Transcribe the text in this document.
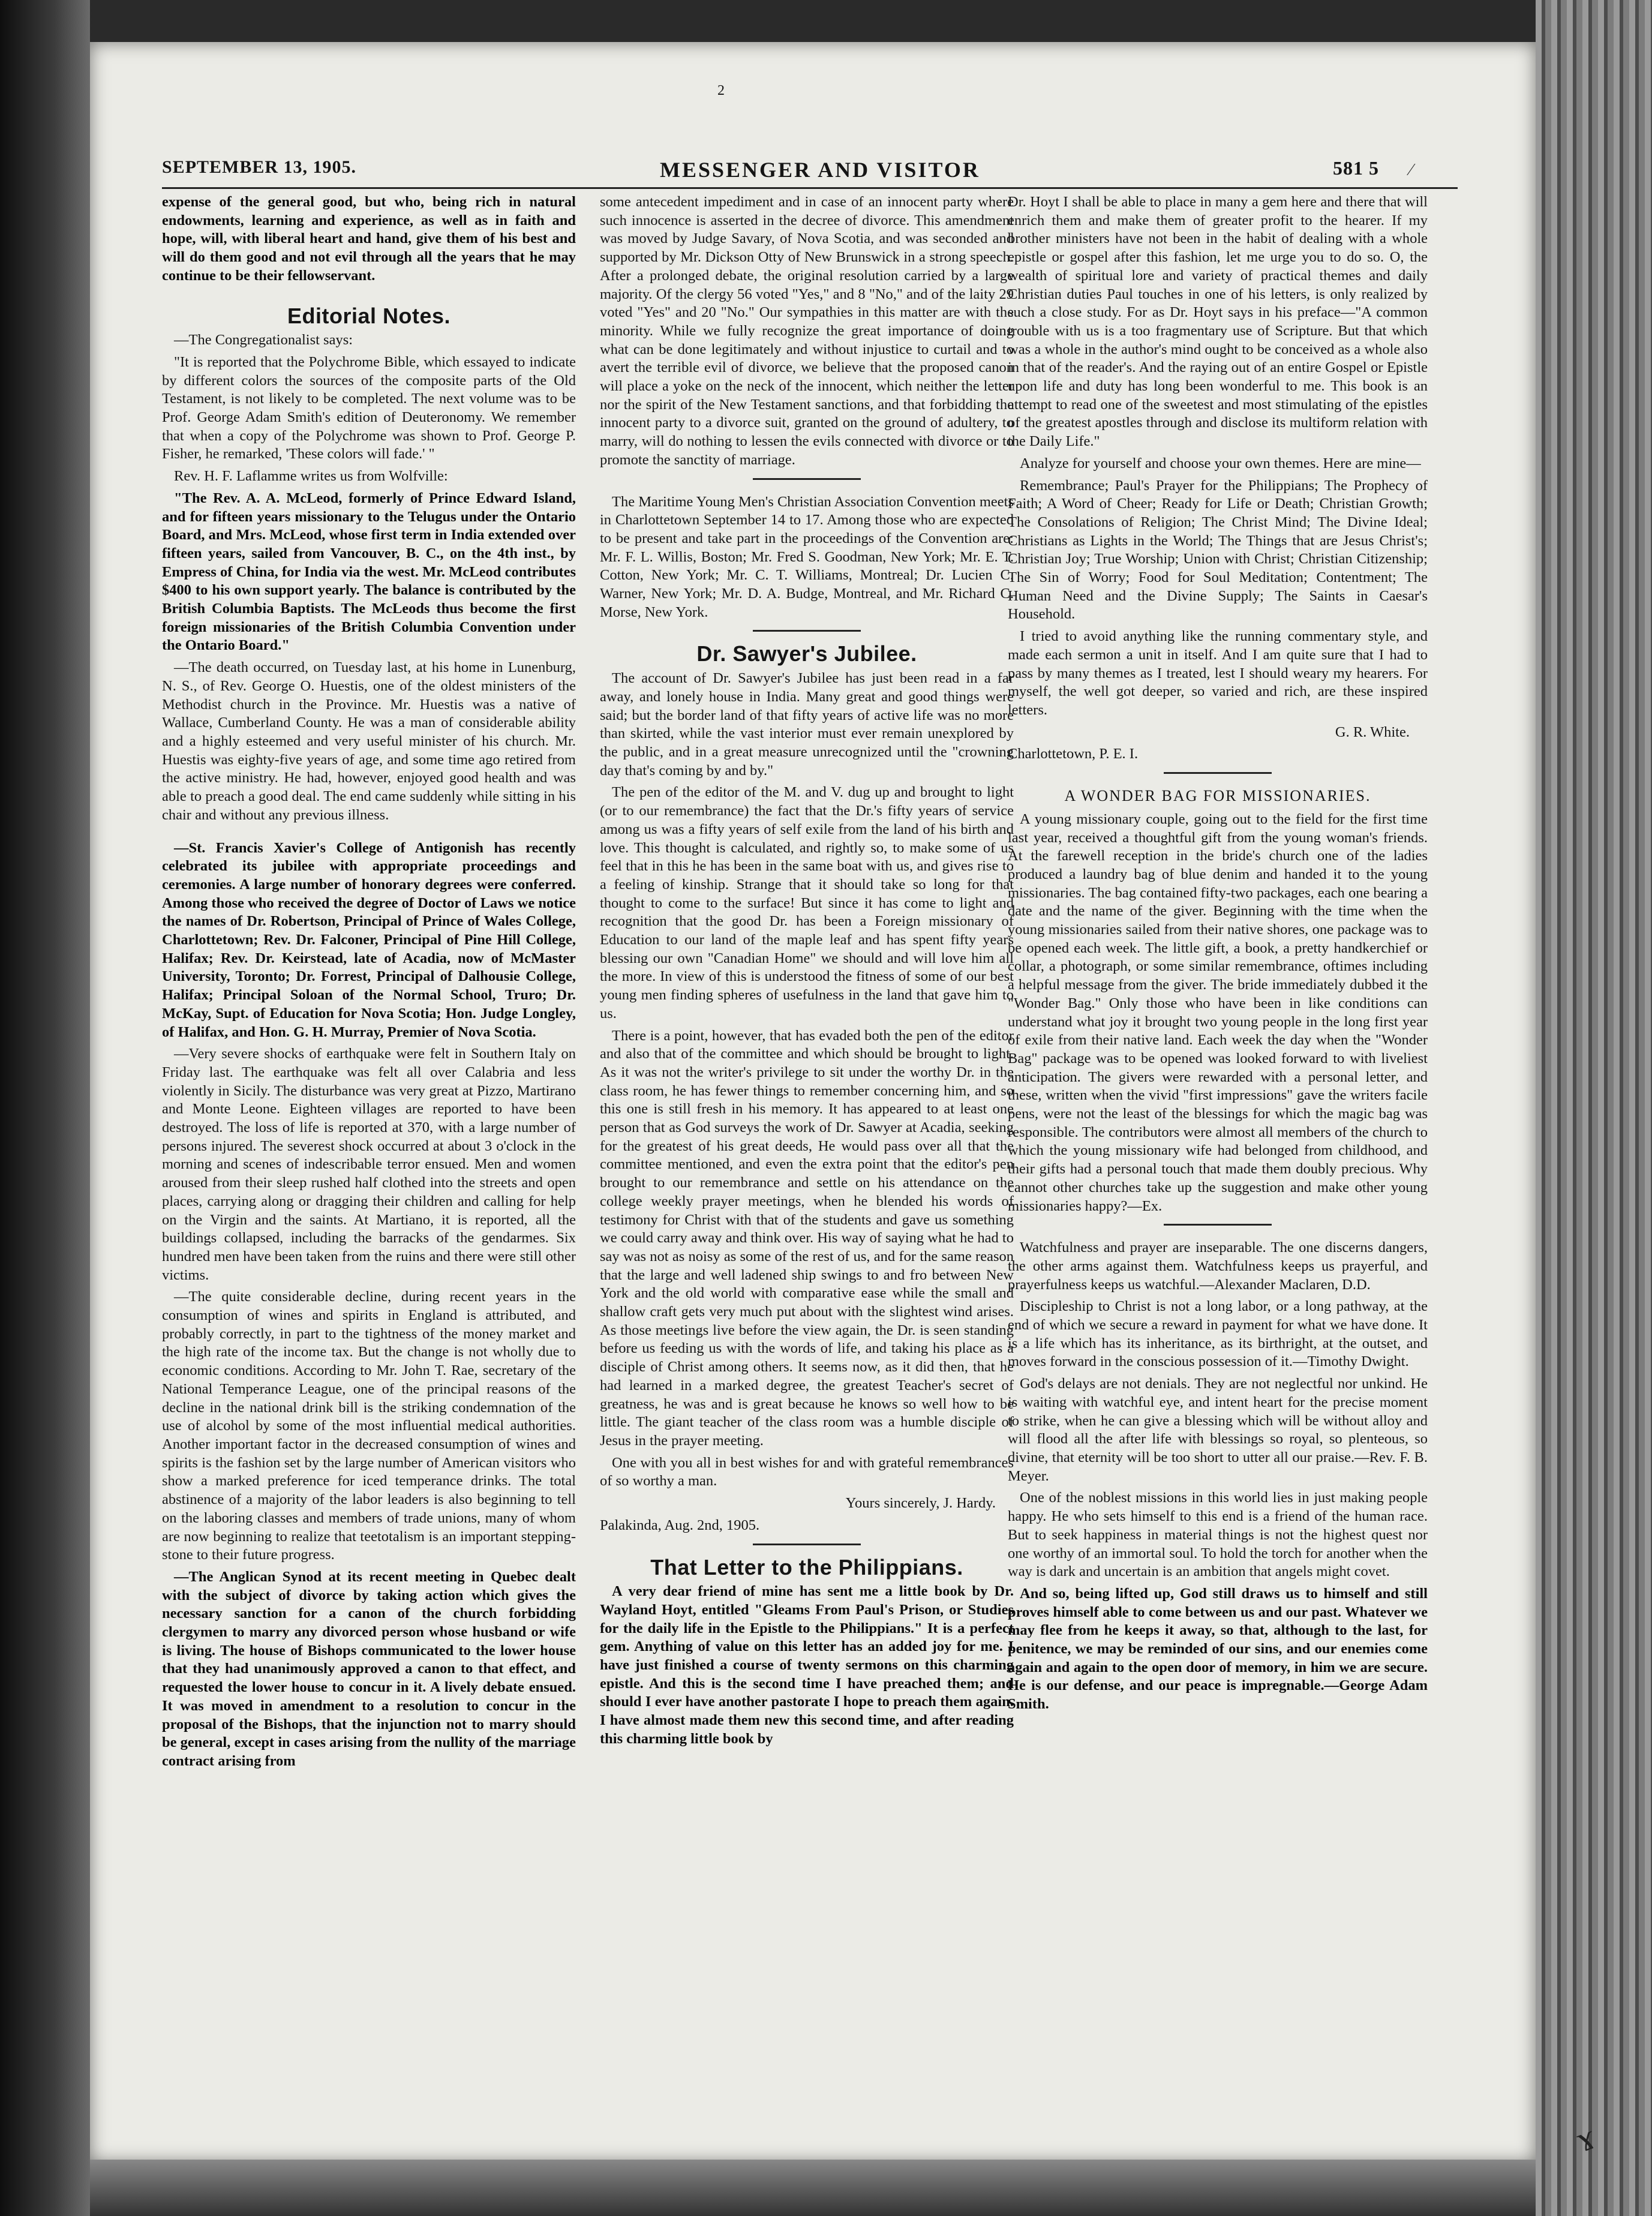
2
SEPTEMBER 13, 1905.	MESSENGER AND VISITOR	581 5 ⁄

expense of the general good, but who, being rich in natural endowments, learning and experience, as well as in faith and hope, will, with liberal heart and hand, give them of his best and will do them good and not evil through all the years that he may continue to be their fellowservant.

Editorial Notes.

—The Congregationalist says:

"It is reported that the Polychrome Bible, which essayed to indicate by different colors the sources of the composite parts of the Old Testament, is not likely to be completed. The next volume was to be Prof. George Adam Smith's edition of Deuteronomy. We remember that when a copy of the Polychrome was shown to Prof. George P. Fisher, he remarked, 'These colors will fade.' "

Rev. H. F. Laflamme writes us from Wolfville:

"The Rev. A. A. McLeod, formerly of Prince Edward Island, and for fifteen years missionary to the Telugus under the Ontario Board, and Mrs. McLeod, whose first term in India extended over fifteen years, sailed from Vancouver, B. C., on the 4th inst., by Empress of China, for India via the west. Mr. McLeod contributes $400 to his own support yearly. The balance is contributed by the British Columbia Baptists. The McLeods thus become the first foreign missionaries of the British Columbia Convention under the Ontario Board."

—The death occurred, on Tuesday last, at his home in Lunenburg, N. S., of Rev. George O. Huestis, one of the oldest ministers of the Methodist church in the Province. Mr. Huestis was a native of Wallace, Cumberland County. He was a man of considerable ability and a highly esteemed and very useful minister of his church. Mr. Huestis was eighty-five years of age, and some time ago retired from the active ministry. He had, however, enjoyed good health and was able to preach a good deal. The end came suddenly while sitting in his chair and without any previous illness.

—St. Francis Xavier's College of Antigonish has recently celebrated its jubilee with appropriate proceedings and ceremonies. A large number of honorary degrees were conferred. Among those who received the degree of Doctor of Laws we notice the names of Dr. Robertson, Principal of Prince of Wales College, Charlottetown; Rev. Dr. Falconer, Principal of Pine Hill College, Halifax; Rev. Dr. Keirstead, late of Acadia, now of McMaster University, Toronto; Dr. Forrest, Principal of Dalhousie College, Halifax; Principal Soloan of the Normal School, Truro; Dr. McKay, Supt. of Education for Nova Scotia; Hon. Judge Longley, of Halifax, and Hon. G. H. Murray, Premier of Nova Scotia.

—Very severe shocks of earthquake were felt in Southern Italy on Friday last. The earthquake was felt all over Calabria and less violently in Sicily. The disturbance was very great at Pizzo, Martirano and Monte Leone. Eighteen villages are reported to have been destroyed. The loss of life is reported at 370, with a large number of persons injured. The severest shock occurred at about 3 o'clock in the morning and scenes of indescribable terror ensued. Men and women aroused from their sleep rushed half clothed into the streets and open places, carrying along or dragging their children and calling for help on the Virgin and the saints. At Martiano, it is reported, all the buildings collapsed, including the barracks of the gendarmes. Six hundred men have been taken from the ruins and there were still other victims.

—The quite considerable decline, during recent years in the consumption of wines and spirits in England is attributed, and probably correctly, in part to the tightness of the money market and the high rate of the income tax. But the change is not wholly due to economic conditions. According to Mr. John T. Rae, secretary of the National Temperance League, one of the principal reasons of the decline in the national drink bill is the striking condemnation of the use of alcohol by some of the most influential medical authorities. Another important factor in the decreased consumption of wines and spirits is the fashion set by the large number of American visitors who show a marked preference for iced temperance drinks. The total abstinence of a majority of the labor leaders is also beginning to tell on the laboring classes and members of trade unions, many of whom are now beginning to realize that teetotalism is an important stepping-stone to their future progress.

—The Anglican Synod at its recent meeting in Quebec dealt with the subject of divorce by taking action which gives the necessary sanction for a canon of the church forbidding clergymen to marry any divorced person whose husband or wife is living. The house of Bishops communicated to the lower house that they had unanimously approved a canon to that effect, and requested the lower house to concur in it. A lively debate ensued. It was moved in amendment to a resolution to concur in the proposal of the Bishops, that the injunction not to marry should be general, except in cases arising from the nullity of the marriage contract arising from

some antecedent impediment and in case of an innocent party where such innocence is asserted in the decree of divorce. This amendment was moved by Judge Savary, of Nova Scotia, and was seconded and supported by Mr. Dickson Otty of New Brunswick in a strong speech. After a prolonged debate, the original resolution carried by a large majority. Of the clergy 56 voted "Yes," and 8 "No," and of the laity 29 voted "Yes" and 20 "No." Our sympathies in this matter are with the minority. While we fully recognize the great importance of doing what can be done legitimately and without injustice to curtail and to avert the terrible evil of divorce, we believe that the proposed canon will place a yoke on the neck of the innocent, which neither the letter nor the spirit of the New Testament sanctions, and that forbidding the innocent party to a divorce suit, granted on the ground of adultery, to marry, will do nothing to lessen the evils connected with divorce or to promote the sanctity of marriage.

The Maritime Young Men's Christian Association Convention meets in Charlottetown September 14 to 17. Among those who are expected to be present and take part in the proceedings of the Convention are: Mr. F. L. Willis, Boston; Mr. Fred S. Goodman, New York; Mr. E. T. Cotton, New York; Mr. C. T. Williams, Montreal; Dr. Lucien C. Warner, New York; Mr. D. A. Budge, Montreal, and Mr. Richard C. Morse, New York.

Dr. Sawyer's Jubilee.

The account of Dr. Sawyer's Jubilee has just been read in a far away, and lonely house in India. Many great and good things were said; but the border land of that fifty years of active life was no more than skirted, while the vast interior must ever remain unexplored by the public, and in a great measure unrecognized until the "crowning day that's coming by and by."

The pen of the editor of the M. and V. dug up and brought to light (or to our remembrance) the fact that the Dr.'s fifty years of service among us was a fifty years of self exile from the land of his birth and love. This thought is calculated, and rightly so, to make some of us feel that in this he has been in the same boat with us, and gives rise to a feeling of kinship. Strange that it should take so long for that thought to come to the surface! But since it has come to light and recognition that the good Dr. has been a Foreign missionary of Education to our land of the maple leaf and has spent fifty years blessing our own "Canadian Home" we should and will love him all the more. In view of this is understood the fitness of some of our best young men finding spheres of usefulness in the land that gave him to us.

There is a point, however, that has evaded both the pen of the editor and also that of the committee and which should be brought to light. As it was not the writer's privilege to sit under the worthy Dr. in the class room, he has fewer things to remember concerning him, and so this one is still fresh in his memory. It has appeared to at least one person that as God surveys the work of Dr. Sawyer at Acadia, seeking for the greatest of his great deeds, He would pass over all that the committee mentioned, and even the extra point that the editor's pen brought to our remembrance and settle on his attendance on the college weekly prayer meetings, when he blended his words of testimony for Christ with that of the students and gave us something we could carry away and think over. His way of saying what he had to say was not as noisy as some of the rest of us, and for the same reason that the large and well ladened ship swings to and fro between New York and the old world with comparative ease while the small and shallow craft gets very much put about with the slightest wind arises. As those meetings live before the view again, the Dr. is seen standing before us feeding us with the words of life, and taking his place as a disciple of Christ among others. It seems now, as it did then, that he had learned in a marked degree, the greatest Teacher's secret of greatness, he was and is great because he knows so well how to be little. The giant teacher of the class room was a humble disciple of Jesus in the prayer meeting.

One with you all in best wishes for and with grateful remembrances of so worthy a man.

Yours sincerely, J. Hardy.

Palakinda, Aug. 2nd, 1905.

That Letter to the Philippians.

A very dear friend of mine has sent me a little book by Dr. Wayland Hoyt, entitled "Gleams From Paul's Prison, or Studies for the daily life in the Epistle to the Philippians." It is a perfect gem. Anything of value on this letter has an added joy for me. I have just finished a course of twenty sermons on this charming epistle. And this is the second time I have preached them; and should I ever have another pastorate I hope to preach them again. I have almost made them new this second time, and after reading this charming little book by

Dr. Hoyt I shall be able to place in many a gem here and there that will enrich them and make them of greater profit to the hearer. If my brother ministers have not been in the habit of dealing with a whole epistle or gospel after this fashion, let me urge you to do so. O, the wealth of spiritual lore and variety of practical themes and daily Christian duties Paul touches in one of his letters, is only realized by such a close study. For as Dr. Hoyt says in his preface—"A common trouble with us is a too fragmentary use of Scripture. But that which was a whole in the author's mind ought to be conceived as a whole also in that of the reader's. And the raying out of an entire Gospel or Epistle upon life and duty has long been wonderful to me. This book is an attempt to read one of the sweetest and most stimulating of the epistles of the greatest apostles through and disclose its multiform relation with the Daily Life."

Analyze for yourself and choose your own themes. Here are mine—

Remembrance; Paul's Prayer for the Philippians; The Prophecy of Faith; A Word of Cheer; Ready for Life or Death; Christian Growth; The Consolations of Religion; The Christ Mind; The Divine Ideal; Christians as Lights in the World; The Things that are Jesus Christ's; Christian Joy; True Worship; Union with Christ; Christian Citizenship; The Sin of Worry; Food for Soul Meditation; Contentment; The Human Need and the Divine Supply; The Saints in Caesar's Household.

I tried to avoid anything like the running commentary style, and made each sermon a unit in itself. And I am quite sure that I had to pass by many themes as I treated, lest I should weary my hearers. For myself, the well got deeper, so varied and rich, are these inspired letters.

G. R. White.

Charlottetown, P. E. I.

A WONDER BAG FOR MISSIONARIES.

A young missionary couple, going out to the field for the first time last year, received a thoughtful gift from the young woman's friends. At the farewell reception in the bride's church one of the ladies produced a laundry bag of blue denim and handed it to the young missionaries. The bag contained fifty-two packages, each one bearing a date and the name of the giver. Beginning with the time when the young missionaries sailed from their native shores, one package was to be opened each week. The little gift, a book, a pretty handkerchief or collar, a photograph, or some similar remembrance, oftimes including a helpful message from the giver. The bride immediately dubbed it the "Wonder Bag." Only those who have been in like conditions can understand what joy it brought two young people in the long first year of exile from their native land. Each week the day when the "Wonder Bag" package was to be opened was looked forward to with liveliest anticipation. The givers were rewarded with a personal letter, and these, written when the vivid "first impressions" gave the writers facile pens, were not the least of the blessings for which the magic bag was responsible. The contributors were almost all members of the church to which the young missionary wife had belonged from childhood, and their gifts had a personal touch that made them doubly precious. Why cannot other churches take up the suggestion and make other young missionaries happy?—Ex.

Watchfulness and prayer are inseparable. The one discerns dangers, the other arms against them. Watchfulness keeps us prayerful, and prayerfulness keeps us watchful.—Alexander Maclaren, D.D.

Discipleship to Christ is not a long labor, or a long pathway, at the end of which we secure a reward in payment for what we have done. It is a life which has its inheritance, as its birthright, at the outset, and moves forward in the conscious possession of it.—Timothy Dwight.

God's delays are not denials. They are not neglectful nor unkind. He is waiting with watchful eye, and intent heart for the precise moment to strike, when he can give a blessing which will be without alloy and will flood all the after life with blessings so royal, so plenteous, so divine, that eternity will be too short to utter all our praise.—Rev. F. B. Meyer.

One of the noblest missions in this world lies in just making people happy. He who sets himself to this end is a friend of the human race. But to seek happiness in material things is not the highest quest nor one worthy of an immortal soul. To hold the torch for another when the way is dark and uncertain is an ambition that angels might covet.

And so, being lifted up, God still draws us to himself and still proves himself able to come between us and our past. Whatever we may flee from he keeps it away, so that, although to the last, for penitence, we may be reminded of our sins, and our enemies come again and again to the open door of memory, in him we are secure. He is our defense, and our peace is impregnable.—George Adam Smith.

ɤ
